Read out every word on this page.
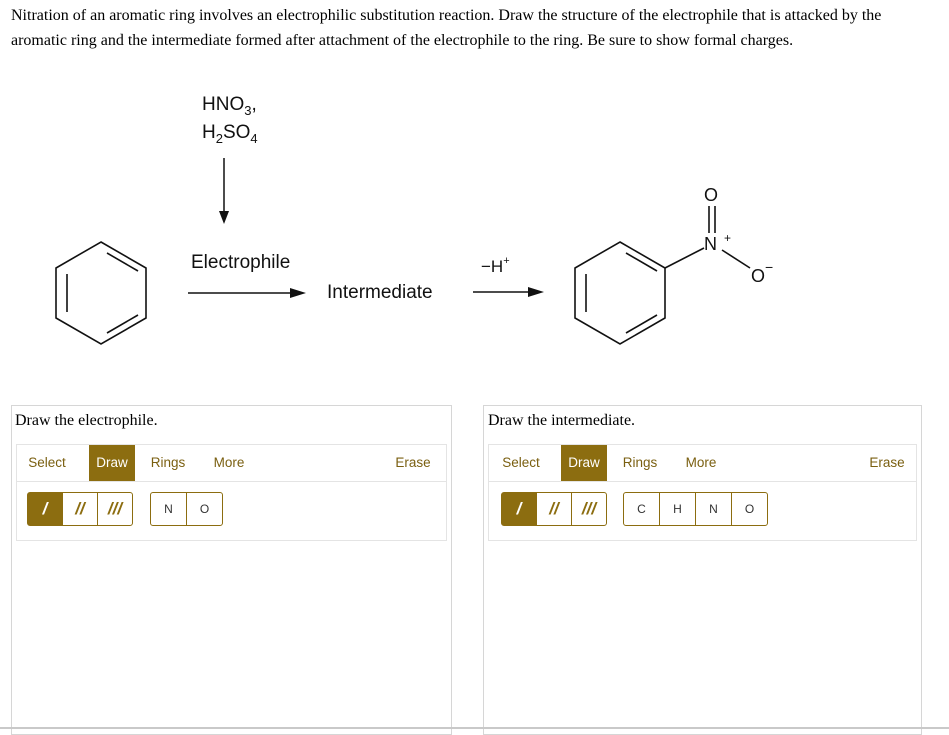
Nitration of an aromatic ring involves an electrophilic substitution reaction. Draw the structure of the electrophile that is attacked by the aromatic ring and the intermediate formed after attachment of the electrophile to the ring. Be sure to show formal charges.

$HNO_3$,
$H_2SO_4$
Electrophile
Intermediate
−H+
O
N +
O −
Draw the electrophile.
Select	Draw	Rings	More	Erase
/	//	///	N	O
Draw the intermediate.
Select	Draw	Rings	More	Erase
/	//	///	C	H	N	O
